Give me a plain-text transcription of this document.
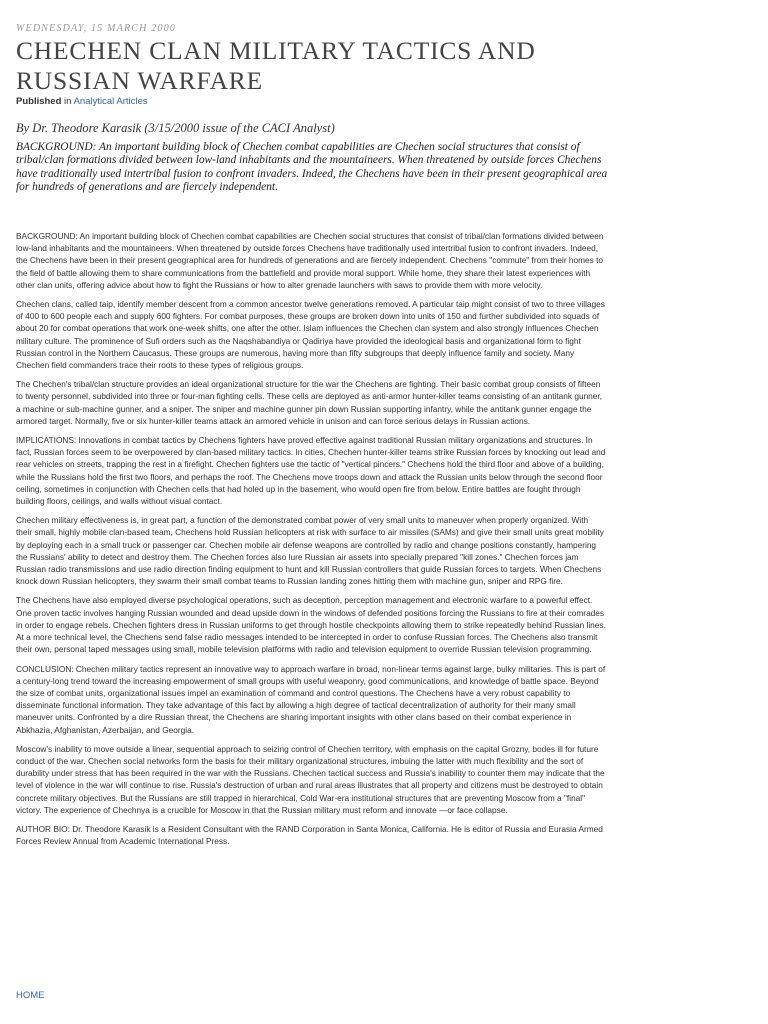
WEDNESDAY, 15 MARCH 2000
CHECHEN CLAN MILITARY TACTICS AND RUSSIAN WARFARE
Published in Analytical Articles
By Dr. Theodore Karasik (3/15/2000 issue of the CACI Analyst)

BACKGROUND: An important building block of Chechen combat capabilities are Chechen social structures that consist of tribal/clan formations divided between low-land inhabitants and the mountaineers. When threatened by outside forces Chechens have traditionally used intertribal fusion to confront invaders. Indeed, the Chechens have been in their present geographical area for hundreds of generations and are fiercely independent.

BACKGROUND: An important building block of Chechen combat capabilities are Chechen social structures that consist of tribal/clan formations divided between low-land inhabitants and the mountaineers. When threatened by outside forces Chechens have traditionally used intertribal fusion to confront invaders. Indeed, the Chechens have been in their present geographical area for hundreds of generations and are fiercely independent. Chechens "commute" from their homes to the field of battle allowing them to share communications from the battlefield and provide moral support. While home, they share their latest experiences with other clan units, offering advice about how to fight the Russians or how to alter grenade launchers with saws to provide them with more velocity.

Chechen clans, called taip, identify member descent from a common ancestor twelve generations removed. A particular taip might consist of two to three villages of 400 to 600 people each and supply 600 fighters. For combat purposes, these groups are broken down into units of 150 and further subdivided into squads of about 20 for combat operations that work one-week shifts, one after the other. Islam influences the Chechen clan system and also strongly influences Chechen military culture. The prominence of Sufi orders such as the Naqshabandiya or Qadiriya have provided the ideological basis and organizational form to fight Russian control in the Northern Caucasus. These groups are numerous, having more than fifty subgroups that deeply influence family and society. Many Chechen field commanders trace their roots to these types of religious groups.

The Chechen's tribal/clan structure provides an ideal organizational structure for the war the Chechens are fighting. Their basic combat group consists of fifteen to twenty personnel, subdivided into three or four-man fighting cells. These cells are deployed as anti-armor hunter-killer teams consisting of an antitank gunner, a machine or sub-machine gunner, and a sniper. The sniper and machine gunner pin down Russian supporting infantry, while the antitank gunner engage the armored target. Normally, five or six hunter-killer teams attack an armored vehicle in unison and can force serious delays in Russian actions.

IMPLICATIONS: Innovations in combat tactics by Chechens fighters have proved effective against traditional Russian military organizations and structures. In fact, Russian forces seem to be overpowered by clan-based military tactics. In cities, Chechen hunter-killer teams strike Russian forces by knocking out lead and rear vehicles on streets, trapping the rest in a firefight. Chechen fighters use the tactic of "vertical pincers." Chechens hold the third floor and above of a building, while the Russians hold the first two floors, and perhaps the roof. The Chechens move troops down and attack the Russian units below through the second floor ceiling, sometimes in conjunction with Chechen cells that had holed up in the basement, who would open fire from below. Entire battles are fought through building floors, ceilings, and walls without visual contact.

Chechen military effectiveness is, in great part, a function of the demonstrated combat power of very small units to maneuver when properly organized. With their small, highly mobile clan-based team, Chechens hold Russian helicopters at risk with surface to air missiles (SAMs) and give their small units great mobility by deploying each in a small truck or passenger car. Chechen mobile air defense weapons are controlled by radio and change positions constantly, hampering the Russians' ability to detect and destroy them. The Chechen forces also lure Russian air assets into specially prepared "kill zones." Chechen forces jam Russian radio transmissions and use radio direction finding equipment to hunt and kill Russian controllers that guide Russian forces to targets. When Chechens knock down Russian helicopters, they swarm their small combat teams to Russian landing zones hitting them with machine gun, sniper and RPG fire.

The Chechens have also employed diverse psychological operations, such as deception, perception management and electronic warfare to a powerful effect. One proven tactic involves hanging Russian wounded and dead upside down in the windows of defended positions forcing the Russians to fire at their comrades in order to engage rebels. Chechen fighters dress in Russian uniforms to get through hostile checkpoints allowing them to strike repeatedly behind Russian lines. At a more technical level, the Chechens send false radio messages intended to be intercepted in order to confuse Russian forces. The Chechens also transmit their own, personal taped messages using small, mobile television platforms with radio and television equipment to override Russian television programming.

CONCLUSION: Chechen military tactics represent an innovative way to approach warfare in broad, non-linear terms against large, bulky militaries. This is part of a century-long trend toward the increasing empowerment of small groups with useful weaponry, good communications, and knowledge of battle space. Beyond the size of combat units, organizational issues impel an examination of command and control questions. The Chechens have a very robust capability to disseminate functional information. They take advantage of this fact by allowing a high degree of tactical decentralization of authority for their many small maneuver units. Confronted by a dire Russian threat, the Chechens are sharing important insights with other clans based on their combat experience in Abkhazia, Afghanistan, Azerbaijan, and Georgia.

Moscow's inability to move outside a linear, sequential approach to seizing control of Chechen territory, with emphasis on the capital Grozny, bodes ill for future conduct of the war. Chechen social networks form the basis for their military organizational structures, imbuing the latter with much flexibility and the sort of durability under stress that has been required in the war with the Russians. Chechen tactical success and Russia's inability to counter them may indicate that the level of violence in the war will continue to rise. Russia's destruction of urban and rural areas illustrates that all property and citizens must be destroyed to obtain concrete military objectives. But the Russians are still trapped in hierarchical, Cold War-era institutional structures that are preventing Moscow from a "final" victory. The experience of Chechnya is a crucible for Moscow in that the Russian military must reform and innovate —or face collapse.

AUTHOR BIO: Dr. Theodore Karasik is a Resident Consultant with the RAND Corporation in Santa Monica, California. He is editor of Russia and Eurasia Armed Forces Review Annual from Academic International Press.

HOME
